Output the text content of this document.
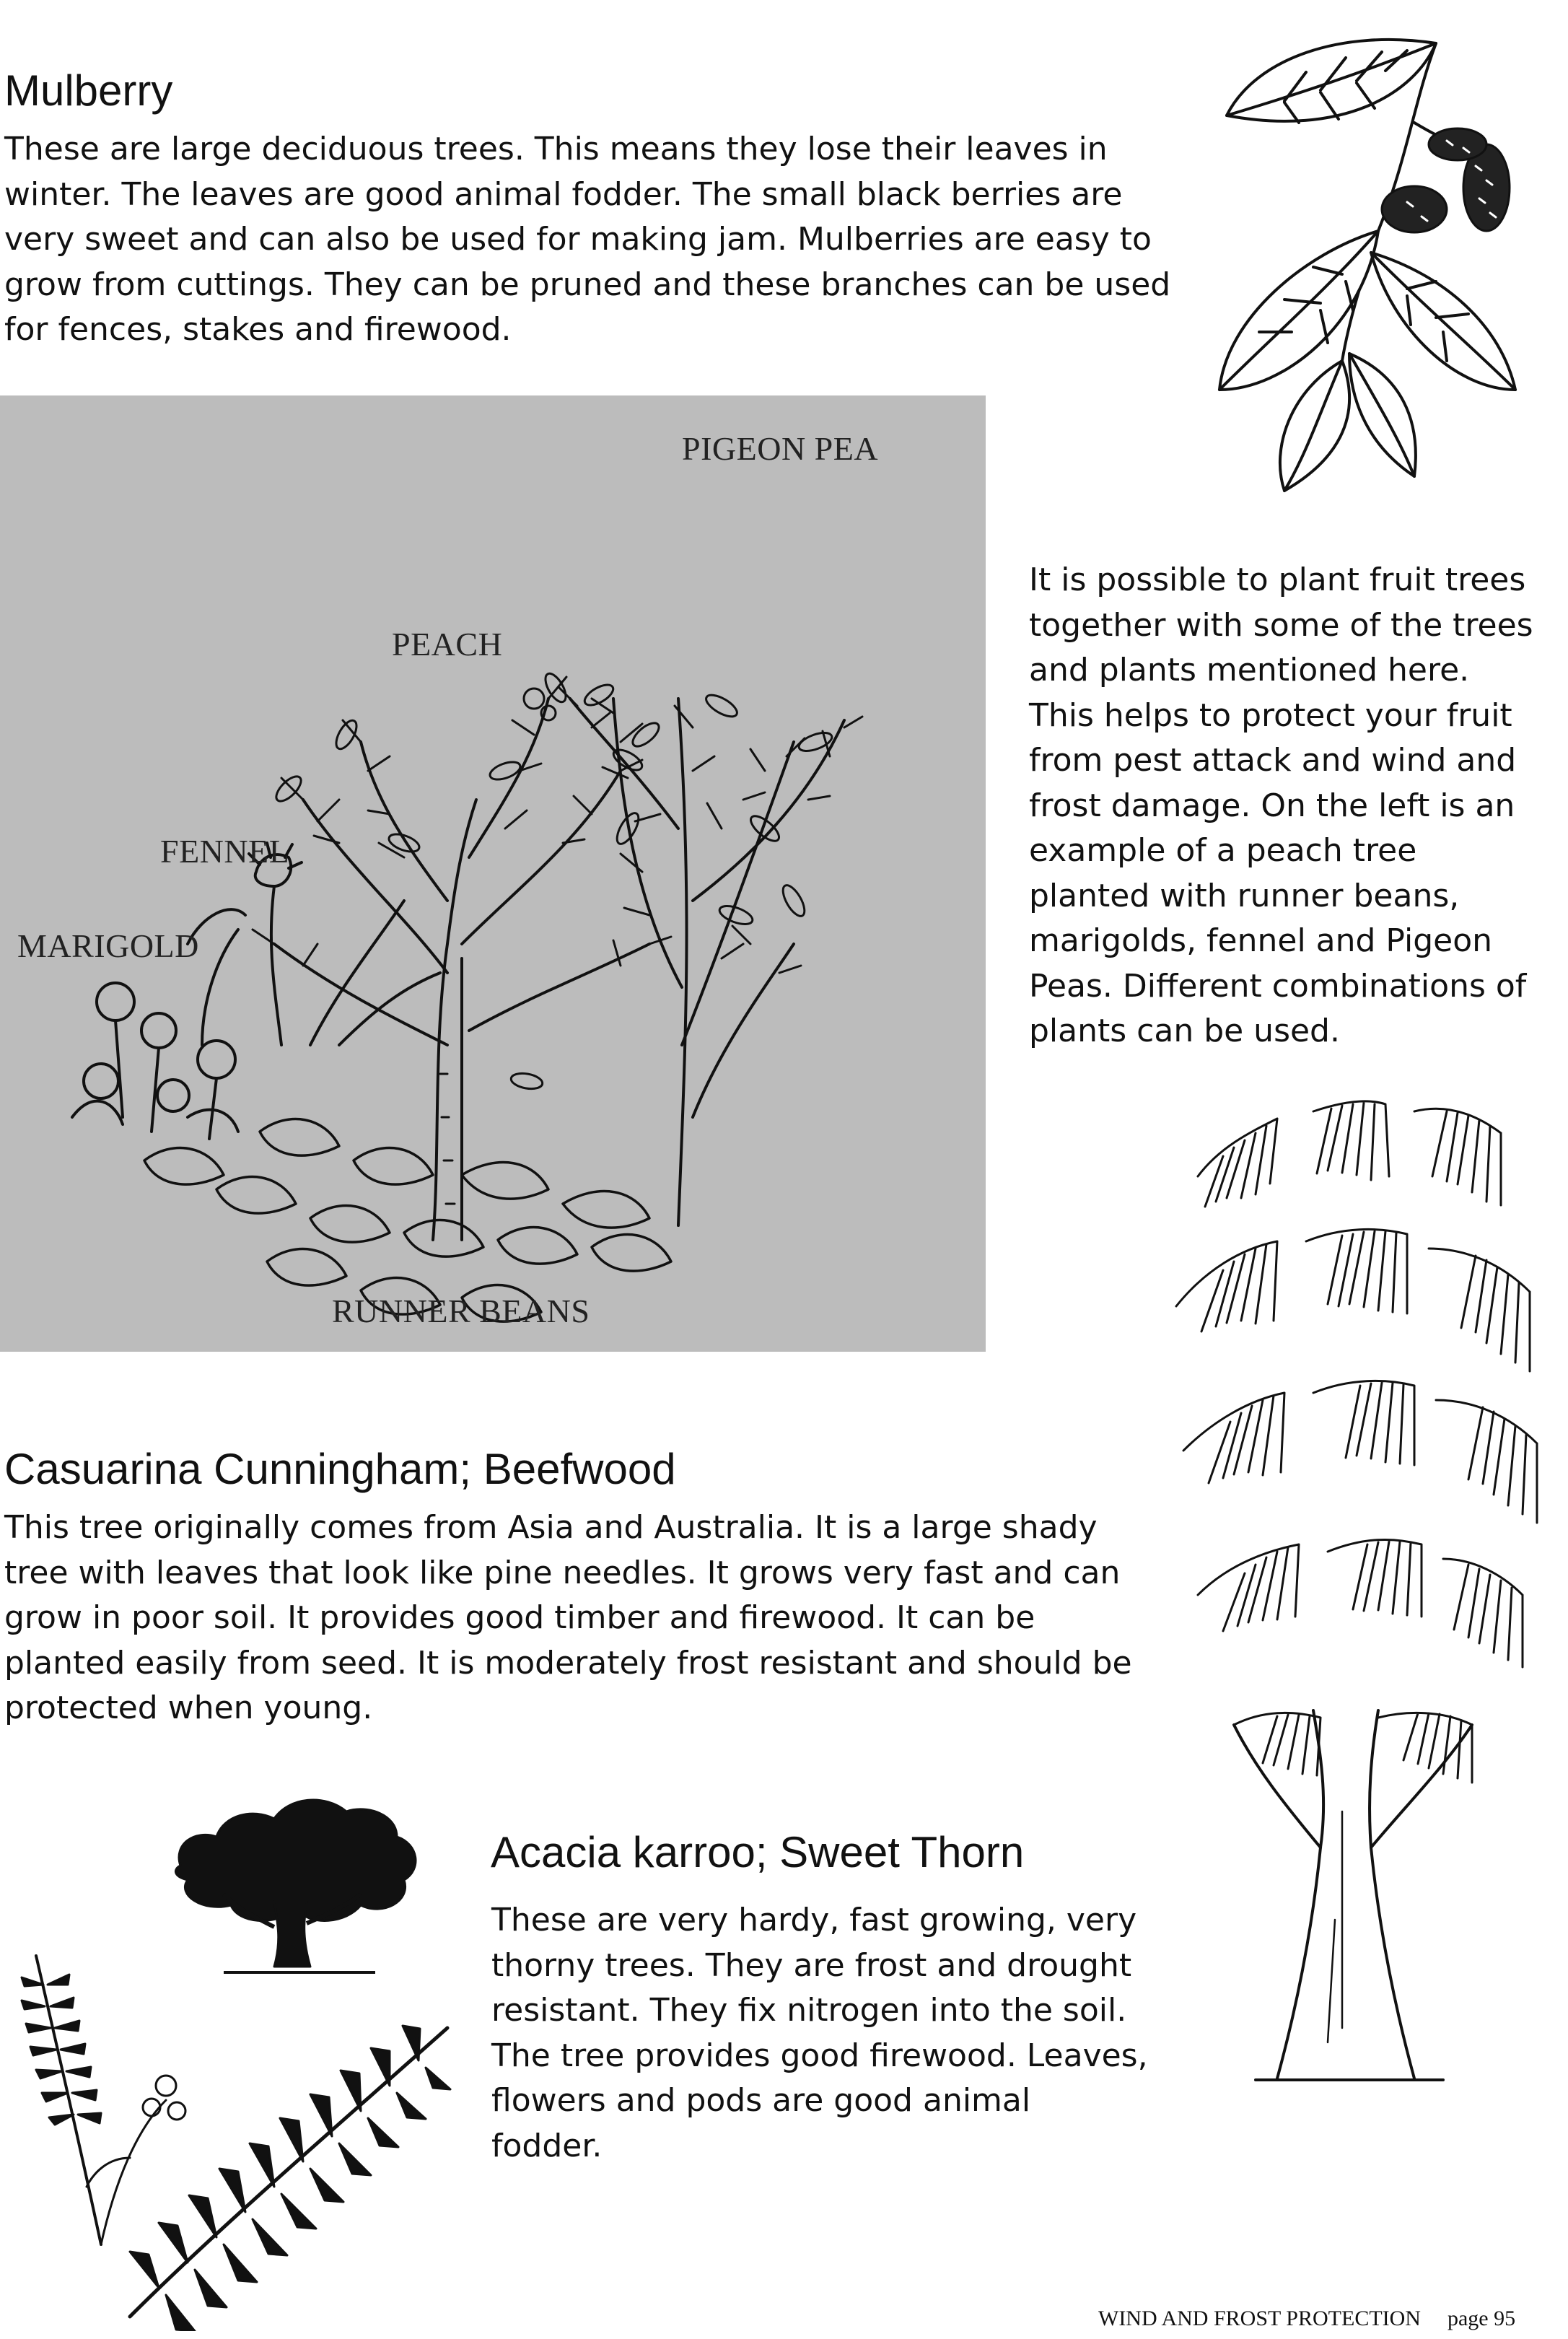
Mulberry

These are large deciduous trees. This means they lose their leaves in

winter. The leaves are good animal fodder. The small black berries are

very sweet and can also be used for making jam. Mulberries are easy to

grow from cuttings. They can be pruned and these branches can be used

for fences, stakes and firewood.

PIGEON PEA
PEACH
FENNEL
MARIGOLD
RUNNER BEANS

It is possible to plant fruit trees

together with some of the trees

and plants mentioned here.

This helps to protect your fruit

from pest attack and wind and

frost damage. On the left is an

example of a peach tree

planted with runner beans,

marigolds, fennel and Pigeon

Peas. Different combinations of

plants can be used.

Casuarina Cunningham; Beefwood

This tree originally comes from Asia and Australia. It is a large shady

tree with leaves that look like pine needles. It grows very fast and can

grow in poor soil. It provides good timber and firewood. It can be

planted easily from seed. It is moderately frost resistant and should be

protected when young.

Acacia karroo; Sweet Thorn

These are very hardy, fast growing, very

thorny trees. They are frost and drought

resistant. They fix nitrogen into the soil.

The tree provides good firewood. Leaves,

flowers and pods are good animal

fodder.

WIND AND FROST PROTECTION page 95
